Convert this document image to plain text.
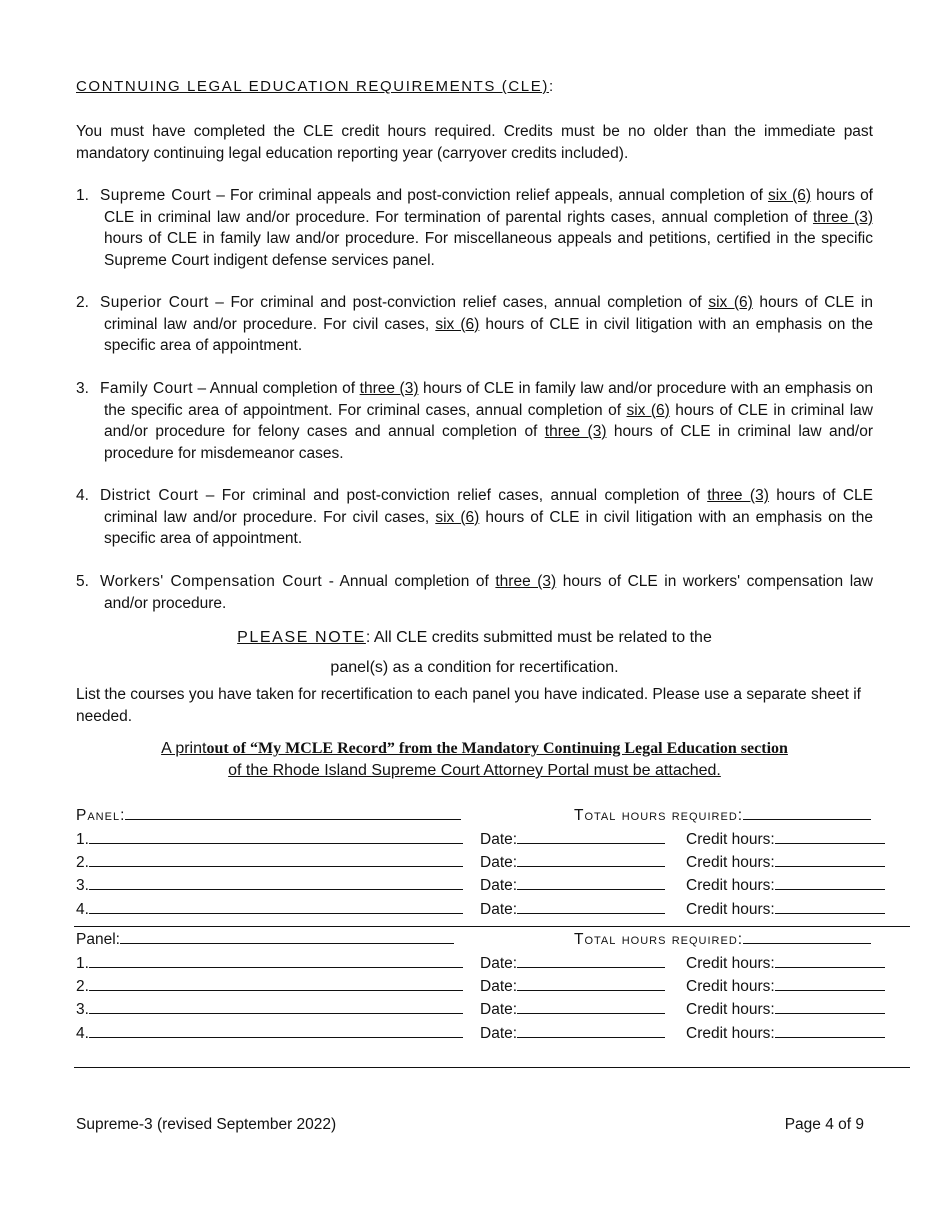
CONTNUING LEGAL EDUCATION REQUIREMENTS (CLE):
You must have completed the CLE credit hours required. Credits must be no older than the immediate past mandatory continuing legal education reporting year (carryover credits included).
1. Supreme Court – For criminal appeals and post-conviction relief appeals, annual completion of six (6) hours of CLE in criminal law and/or procedure. For termination of parental rights cases, annual completion of three (3) hours of CLE in family law and/or procedure. For miscellaneous appeals and petitions, certified in the specific Supreme Court indigent defense services panel.
2. Superior Court – For criminal and post-conviction relief cases, annual completion of six (6) hours of CLE in criminal law and/or procedure. For civil cases, six (6) hours of CLE in civil litigation with an emphasis on the specific area of appointment.
3. Family Court – Annual completion of three (3) hours of CLE in family law and/or procedure with an emphasis on the specific area of appointment. For criminal cases, annual completion of six (6) hours of CLE in criminal law and/or procedure for felony cases and annual completion of three (3) hours of CLE in criminal law and/or procedure for misdemeanor cases.
4. District Court – For criminal and post-conviction relief cases, annual completion of three (3) hours of CLE criminal law and/or procedure. For civil cases, six (6) hours of CLE in civil litigation with an emphasis on the specific area of appointment.
5. Workers' Compensation Court - Annual completion of three (3) hours of CLE in workers' compensation law and/or procedure.
PLEASE NOTE: All CLE credits submitted must be related to the
panel(s) as a condition for recertification.
List the courses you have taken for recertification to each panel you have indicated. Please use a separate sheet if needed.
A printout of “My MCLE Record” from the Mandatory Continuing Legal Education section
of the Rhode Island Supreme Court Attorney Portal must be attached.
Panel:	Total hours required:
1.	Date:	Credit hours:
2.	Date:	Credit hours:
3.	Date:	Credit hours:
4.	Date:	Credit hours:
Panel:	Total hours required:
1.	Date:	Credit hours:
2.	Date:	Credit hours:
3.	Date:	Credit hours:
4.	Date:	Credit hours:
Supreme-3 (revised September 2022)	Page 4 of 9
